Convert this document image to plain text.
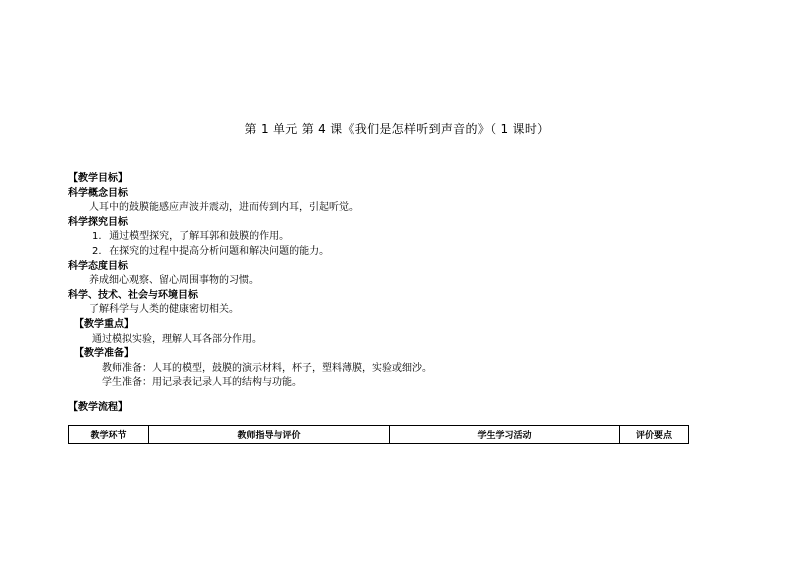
第 1 单元 第 4 课《我们是怎样听到声音的》（ 1 课时）
【教学目标】
科学概念目标
人耳中的鼓膜能感应声波并震动，进而传到内耳，引起听觉。
科学探究目标
1. 通过模型探究，了解耳郭和鼓膜的作用。
2. 在探究的过程中提高分析问题和解决问题的能力。
科学态度目标
养成细心观察、留心周围事物的习惯。
科学、技术、社会与环境目标
了解科学与人类的健康密切相关。
【教学重点】
通过模拟实验，理解人耳各部分作用。
【教学准备】
教师准备：人耳的模型，鼓膜的演示材料，杯子，塑料薄膜，实验或细沙。
学生准备：用记录表记录人耳的结构与功能。
【教学流程】
教学环节	教师指导与评价	学生学习活动	评价要点
